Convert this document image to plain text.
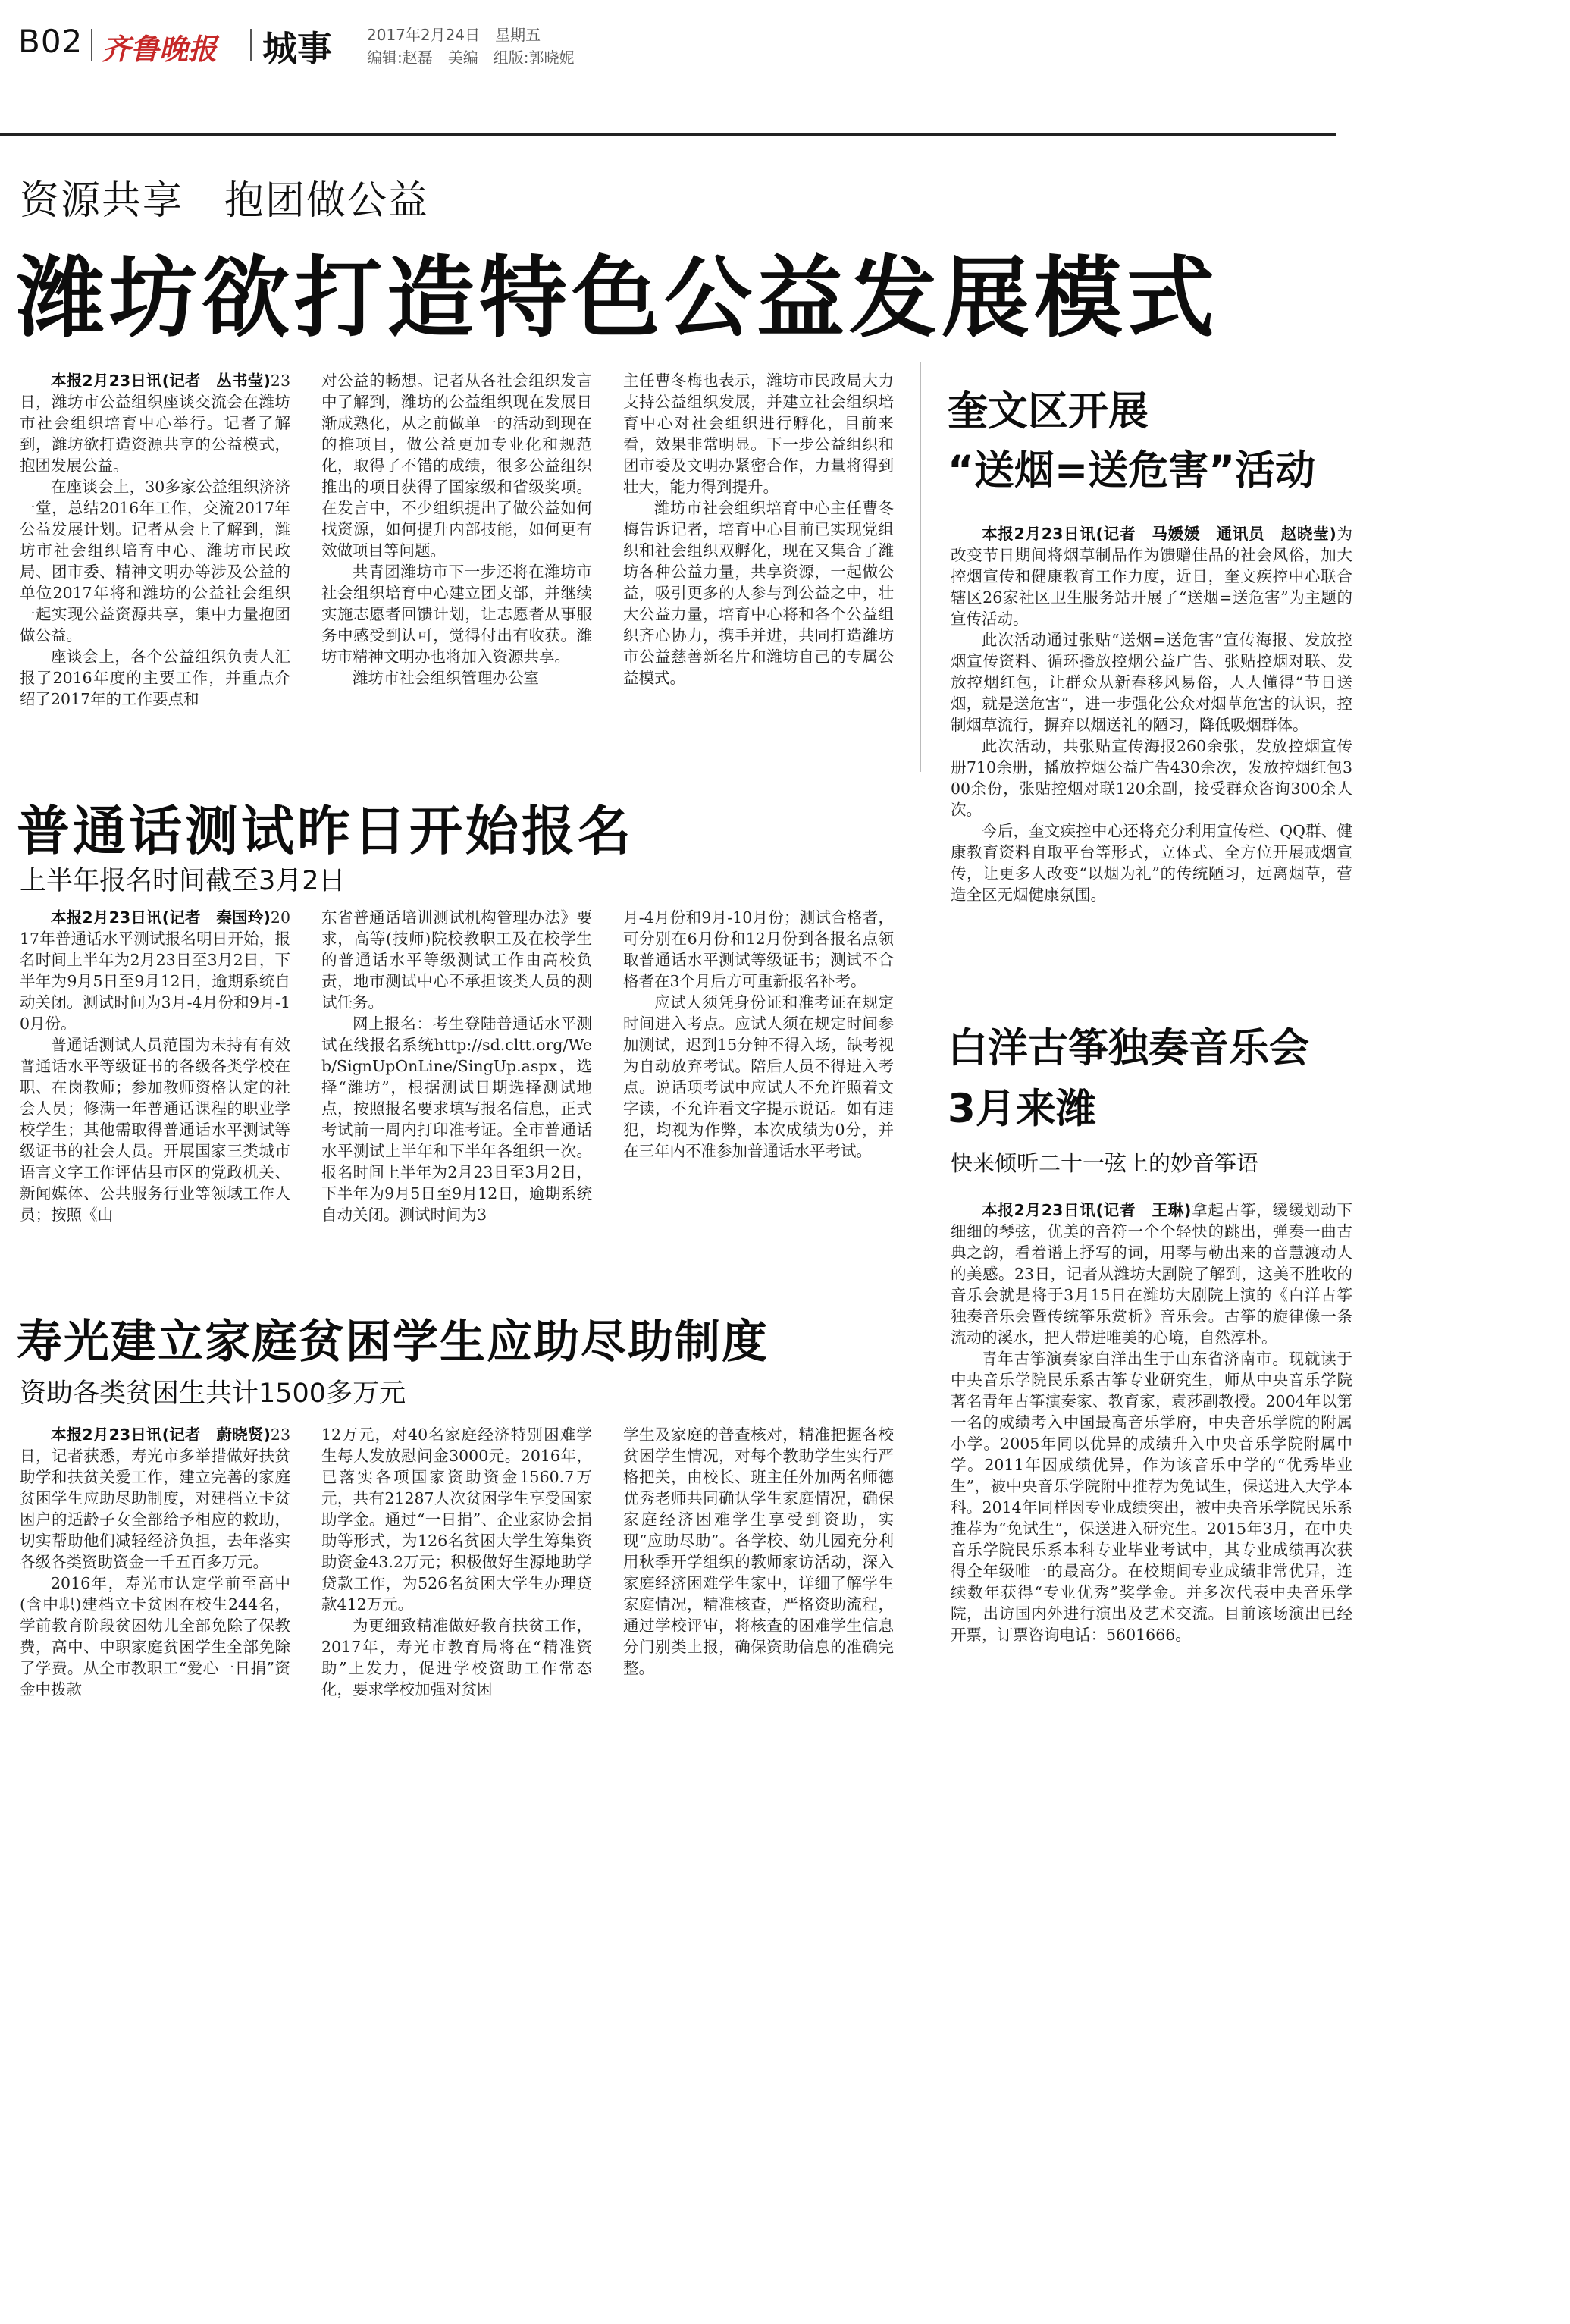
B02 齐鲁晚报 城事 2017年2月24日　星期五
编辑:赵磊　美编　组版:郭晓妮
资源共享　抱团做公益
潍坊欲打造特色公益发展模式

本报2月23日讯(记者　丛书莹)23日，潍坊市公益组织座谈交流会在潍坊市社会组织培育中心举行。记者了解到，潍坊欲打造资源共享的公益模式，抱团发展公益。

在座谈会上，30多家公益组织济济一堂，总结2016年工作，交流2017年公益发展计划。记者从会上了解到，潍坊市社会组织培育中心、潍坊市民政局、团市委、精神文明办等涉及公益的单位2017年将和潍坊的公益社会组织一起实现公益资源共享，集中力量抱团做公益。

座谈会上，各个公益组织负责人汇报了2016年度的主要工作，并重点介绍了2017年的工作要点和

对公益的畅想。记者从各社会组织发言中了解到，潍坊的公益组织现在发展日渐成熟化，从之前做单一的活动到现在的推项目，做公益更加专业化和规范化，取得了不错的成绩，很多公益组织推出的项目获得了国家级和省级奖项。在发言中，不少组织提出了做公益如何找资源，如何提升内部技能，如何更有效做项目等问题。

共青团潍坊市下一步还将在潍坊市社会组织培育中心建立团支部，并继续实施志愿者回馈计划，让志愿者从事服务中感受到认可，觉得付出有收获。潍坊市精神文明办也将加入资源共享。

潍坊市社会组织管理办公室

主任曹冬梅也表示，潍坊市民政局大力支持公益组织发展，并建立社会组织培育中心对社会组织进行孵化，目前来看，效果非常明显。下一步公益组织和团市委及文明办紧密合作，力量将得到壮大，能力得到提升。

潍坊市社会组织培育中心主任曹冬梅告诉记者，培育中心目前已实现党组织和社会组织双孵化，现在又集合了潍坊各种公益力量，共享资源，一起做公益，吸引更多的人参与到公益之中，壮大公益力量，培育中心将和各个公益组织齐心协力，携手并进，共同打造潍坊市公益慈善新名片和潍坊自己的专属公益模式。

普通话测试昨日开始报名
上半年报名时间截至3月2日

本报2月23日讯(记者　秦国玲)2017年普通话水平测试报名明日开始，报名时间上半年为2月23日至3月2日，下半年为9月5日至9月12日，逾期系统自动关闭。测试时间为3月-4月份和9月-10月份。

普通话测试人员范围为未持有有效普通话水平等级证书的各级各类学校在职、在岗教师；参加教师资格认定的社会人员；修满一年普通话课程的职业学校学生；其他需取得普通话水平测试等级证书的社会人员。开展国家三类城市语言文字工作评估县市区的党政机关、新闻媒体、公共服务行业等领域工作人员；按照《山

东省普通话培训测试机构管理办法》要求，高等(技师)院校教职工及在校学生的普通话水平等级测试工作由高校负责，地市测试中心不承担该类人员的测试任务。

网上报名：考生登陆普通话水平测试在线报名系统http://sd.cltt.org/Web/SignUpOnLine/SingUp.aspx，选择“潍坊”，根据测试日期选择测试地点，按照报名要求填写报名信息，正式考试前一周内打印准考证。全市普通话水平测试上半年和下半年各组织一次。报名时间上半年为2月23日至3月2日，下半年为9月5日至9月12日，逾期系统自动关闭。测试时间为3

月-4月份和9月-10月份；测试合格者，可分别在6月份和12月份到各报名点领取普通话水平测试等级证书；测试不合格者在3个月后方可重新报名补考。

应试人须凭身份证和准考证在规定时间进入考点。应试人须在规定时间参加测试，迟到15分钟不得入场，缺考视为自动放弃考试。陪后人员不得进入考点。说话项考试中应试人不允许照着文字读，不允许看文字提示说话。如有违犯，均视为作弊，本次成绩为0分，并在三年内不准参加普通话水平考试。

寿光建立家庭贫困学生应助尽助制度
资助各类贫困生共计1500多万元

本报2月23日讯(记者　蔚晓贤)23日，记者获悉，寿光市多举措做好扶贫助学和扶贫关爱工作，建立完善的家庭贫困学生应助尽助制度，对建档立卡贫困户的适龄子女全部给予相应的救助，切实帮助他们减轻经济负担，去年落实各级各类资助资金一千五百多万元。

2016年，寿光市认定学前至高中(含中职)建档立卡贫困在校生244名，学前教育阶段贫困幼儿全部免除了保教费，高中、中职家庭贫困学生全部免除了学费。从全市教职工“爱心一日捐”资金中拨款

12万元，对40名家庭经济特别困难学生每人发放慰问金3000元。2016年，已落实各项国家资助资金1560.7万元，共有21287人次贫困学生享受国家助学金。通过“一日捐”、企业家协会捐助等形式，为126名贫困大学生筹集资助资金43.2万元；积极做好生源地助学贷款工作，为526名贫困大学生办理贷款412万元。

为更细致精准做好教育扶贫工作，2017年，寿光市教育局将在“精准资助”上发力，促进学校资助工作常态化，要求学校加强对贫困

学生及家庭的普查核对，精准把握各校贫困学生情况，对每个教助学生实行严格把关，由校长、班主任外加两名师德优秀老师共同确认学生家庭情况，确保家庭经济困难学生享受到资助，实现“应助尽助”。各学校、幼儿园充分利用秋季开学组织的教师家访活动，深入家庭经济困难学生家中，详细了解学生家庭情况，精准核查，严格资助流程，通过学校评审，将核查的困难学生信息分门别类上报，确保资助信息的准确完整。

奎文区开展
“送烟=送危害”活动

本报2月23日讯(记者　马媛媛　通讯员　赵晓莹)为改变节日期间将烟草制品作为馈赠佳品的社会风俗，加大控烟宣传和健康教育工作力度，近日，奎文疾控中心联合辖区26家社区卫生服务站开展了“送烟=送危害”为主题的宣传活动。

此次活动通过张贴“送烟=送危害”宣传海报、发放控烟宣传资料、循环播放控烟公益广告、张贴控烟对联、发放控烟红包，让群众从新春移风易俗，人人懂得“节日送烟，就是送危害”，进一步强化公众对烟草危害的认识，控制烟草流行，摒弃以烟送礼的陋习，降低吸烟群体。

此次活动，共张贴宣传海报260余张，发放控烟宣传册710余册，播放控烟公益广告430余次，发放控烟红包300余份，张贴控烟对联120余副，接受群众咨询300余人次。

今后，奎文疾控中心还将充分利用宣传栏、QQ群、健康教育资料自取平台等形式，立体式、全方位开展戒烟宣传，让更多人改变“以烟为礼”的传统陋习，远离烟草，营造全区无烟健康氛围。

白洋古筝独奏音乐会
3月来潍
快来倾听二十一弦上的妙音筝语

本报2月23日讯(记者　王琳)拿起古筝，缓缓划动下细细的琴弦，优美的音符一个个轻快的跳出，弹奏一曲古典之韵，看着谱上抒写的词，用琴与勒出来的音慧渡动人的美感。23日，记者从潍坊大剧院了解到，这美不胜收的音乐会就是将于3月15日在潍坊大剧院上演的《白洋古筝独奏音乐会暨传统筝乐赏析》音乐会。古筝的旋律像一条流动的溪水，把人带进唯美的心境，自然淳朴。

青年古筝演奏家白洋出生于山东省济南市。现就读于中央音乐学院民乐系古筝专业研究生，师从中央音乐学院著名青年古筝演奏家、教育家，袁莎副教授。2004年以第一名的成绩考入中国最高音乐学府，中央音乐学院的附属小学。2005年同以优异的成绩升入中央音乐学院附属中学。2011年因成绩优异，作为该音乐中学的“优秀毕业生”，被中央音乐学院附中推荐为免试生，保送进入大学本科。2014年同样因专业成绩突出，被中央音乐学院民乐系推荐为“免试生”，保送进入研究生。2015年3月，在中央音乐学院民乐系本科专业毕业考试中，其专业成绩再次获得全年级唯一的最高分。在校期间专业成绩非常优异，连续数年获得“专业优秀”奖学金。并多次代表中央音乐学院，出访国内外进行演出及艺术交流。目前该场演出已经开票，订票咨询电话：5601666。
